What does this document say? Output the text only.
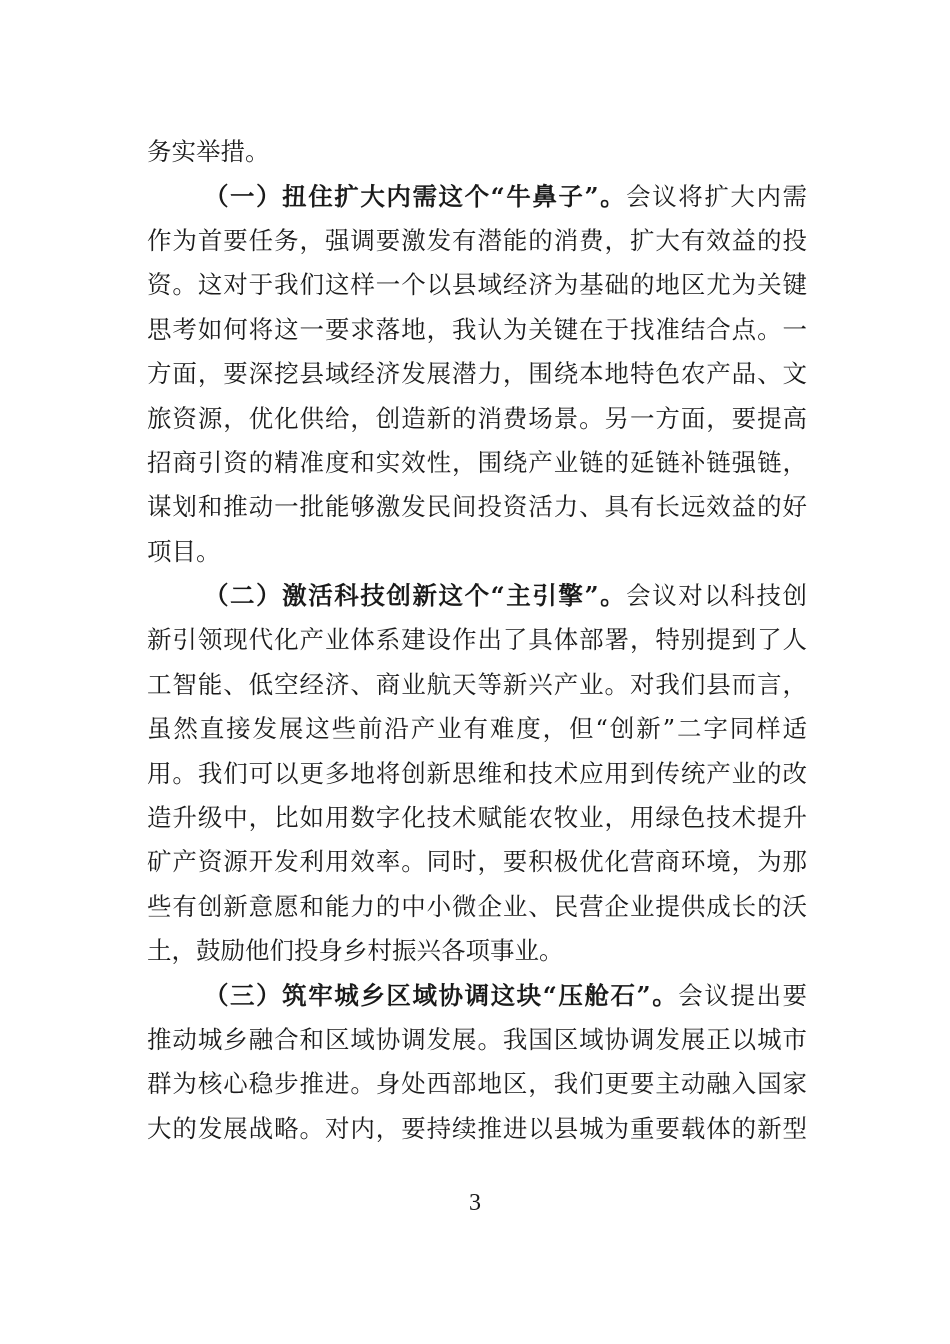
务实举措。
（一）扭住扩大内需这个“牛鼻子”。会议将扩大内需
作为首要任务，强调要激发有潜能的消费，扩大有效益的投
资。这对于我们这样一个以县域经济为基础的地区尤为关键
思考如何将这一要求落地，我认为关键在于找准结合点。一
方面，要深挖县域经济发展潜力，围绕本地特色农产品、文
旅资源，优化供给，创造新的消费场景。另一方面，要提高
招商引资的精准度和实效性，围绕产业链的延链补链强链，
谋划和推动一批能够激发民间投资活力、具有长远效益的好
项目。
（二）激活科技创新这个“主引擎”。会议对以科技创
新引领现代化产业体系建设作出了具体部署，特别提到了人
工智能、低空经济、商业航天等新兴产业。对我们县而言，
虽然直接发展这些前沿产业有难度，但“创新”二字同样适
用。我们可以更多地将创新思维和技术应用到传统产业的改
造升级中，比如用数字化技术赋能农牧业，用绿色技术提升
矿产资源开发利用效率。同时，要积极优化营商环境，为那
些有创新意愿和能力的中小微企业、民营企业提供成长的沃
土，鼓励他们投身乡村振兴各项事业。
（三）筑牢城乡区域协调这块“压舱石”。会议提出要
推动城乡融合和区域协调发展。我国区域协调发展正以城市
群为核心稳步推进。身处西部地区，我们更要主动融入国家
大的发展战略。对内，要持续推进以县城为重要载体的新型
3
